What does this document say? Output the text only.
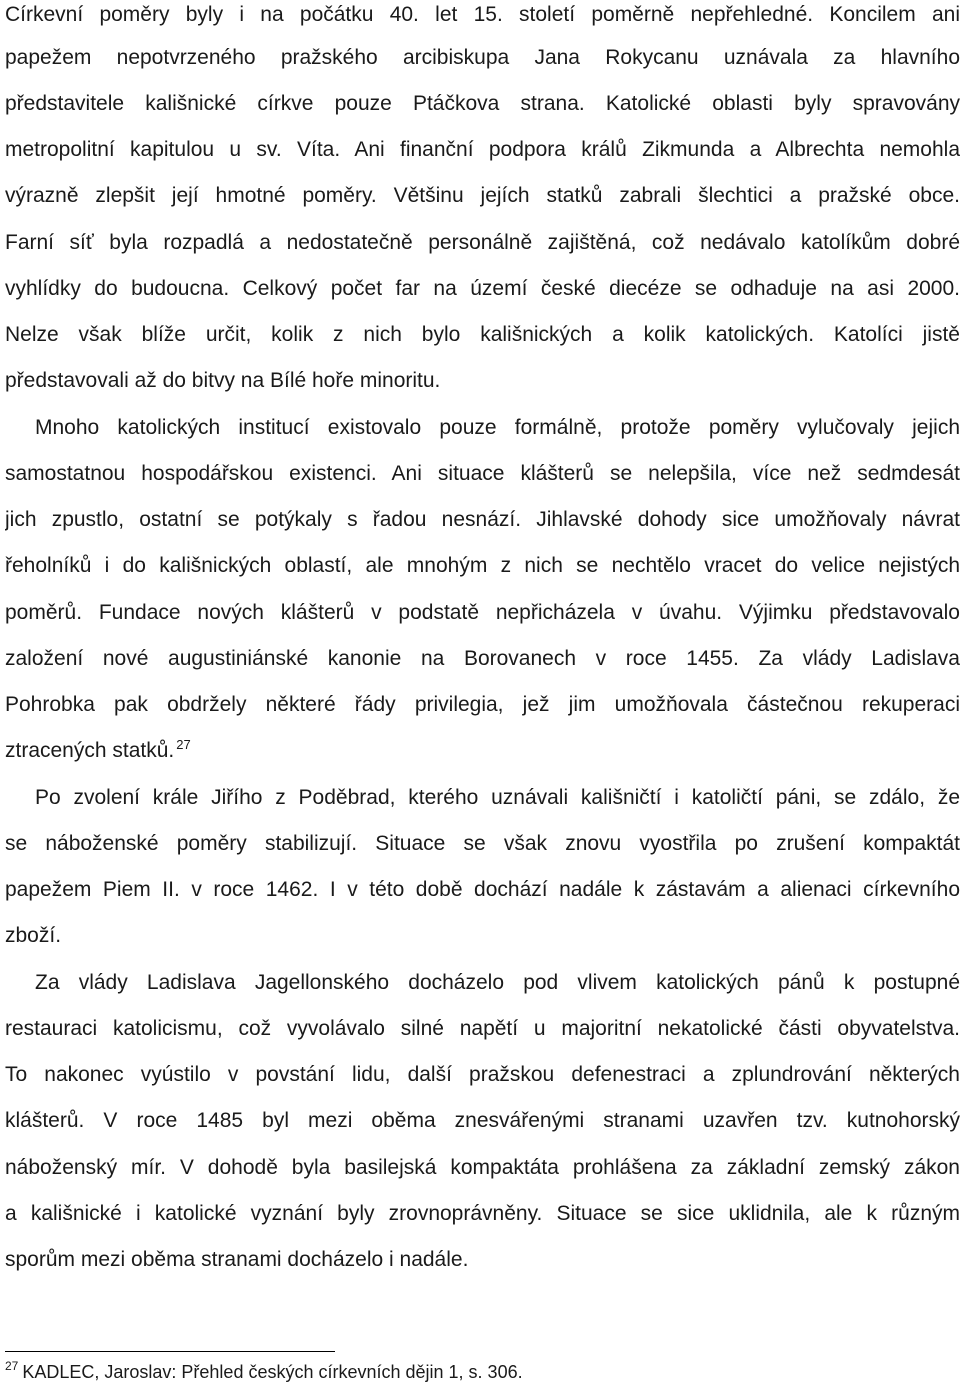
Církevní poměry byly i na počátku 40. let 15. století poměrně nepřehledné. Koncilem ani
papežem nepotvrzeného pražského arcibiskupa Jana Rokycanu uznávala za hlavního
představitele kališnické církve pouze Ptáčkova strana. Katolické oblasti byly spravovány
metropolitní kapitulou u sv. Víta. Ani finanční podpora králů Zikmunda a Albrechta nemohla
výrazně zlepšit její hmotné poměry. Většinu jejích statků zabrali šlechtici a pražské obce.
Farní síť byla rozpadlá a nedostatečně personálně zajištěná, což nedávalo katolíkům dobré
vyhlídky do budoucna. Celkový počet far na území české diecéze se odhaduje na asi 2000.
Nelze však blíže určit, kolik z nich bylo kališnických a kolik katolických. Katolíci jistě
představovali až do bitvy na Bílé hoře minoritu.
Mnoho katolických institucí existovalo pouze formálně, protože poměry vylučovaly jejich
samostatnou hospodářskou existenci. Ani situace klášterů se nelepšila, více než sedmdesát
jich zpustlo, ostatní se potýkaly s řadou nesnází. Jihlavské dohody sice umožňovaly návrat
řeholníků i do kališnických oblastí, ale mnohým z nich se nechtělo vracet do velice nejistých
poměrů. Fundace nových klášterů v podstatě nepřicházela v úvahu. Výjimku představovalo
založení nové augustiniánské kanonie na Borovanech v roce 1455. Za vlády Ladislava
Pohrobka pak obdržely některé řády privilegia, jež jim umožňovala částečnou rekuperaci
ztracených statků. $^{27}$
Po zvolení krále Jiřího z Poděbrad, kterého uznávali kališničtí i katoličtí páni, se zdálo, že
se náboženské poměry stabilizují. Situace se však znovu vyostřila po zrušení kompaktát
papežem Piem II. v roce 1462. I v této době dochází nadále k zástavám a alienaci církevního
zboží.
Za vlády Ladislava Jagellonského docházelo pod vlivem katolických pánů k postupné
restauraci katolicismu, což vyvolávalo silné napětí u majoritní nekatolické části obyvatelstva.
To nakonec vyústilo v povstání lidu, další pražskou defenestraci a zplundrování některých
klášterů. V roce 1485 byl mezi oběma znesvářenými stranami uzavřen tzv. kutnohorský
náboženský mír. V dohodě byla basilejská kompaktáta prohlášena za základní zemský zákon
a kališnické i katolické vyznání byly zrovnoprávněny. Situace se sice uklidnila, ale k různým
sporům mezi oběma stranami docházelo i nadále.
$^{27}$ KADLEC, Jaroslav: Přehled českých církevních dějin 1, s. 306.
